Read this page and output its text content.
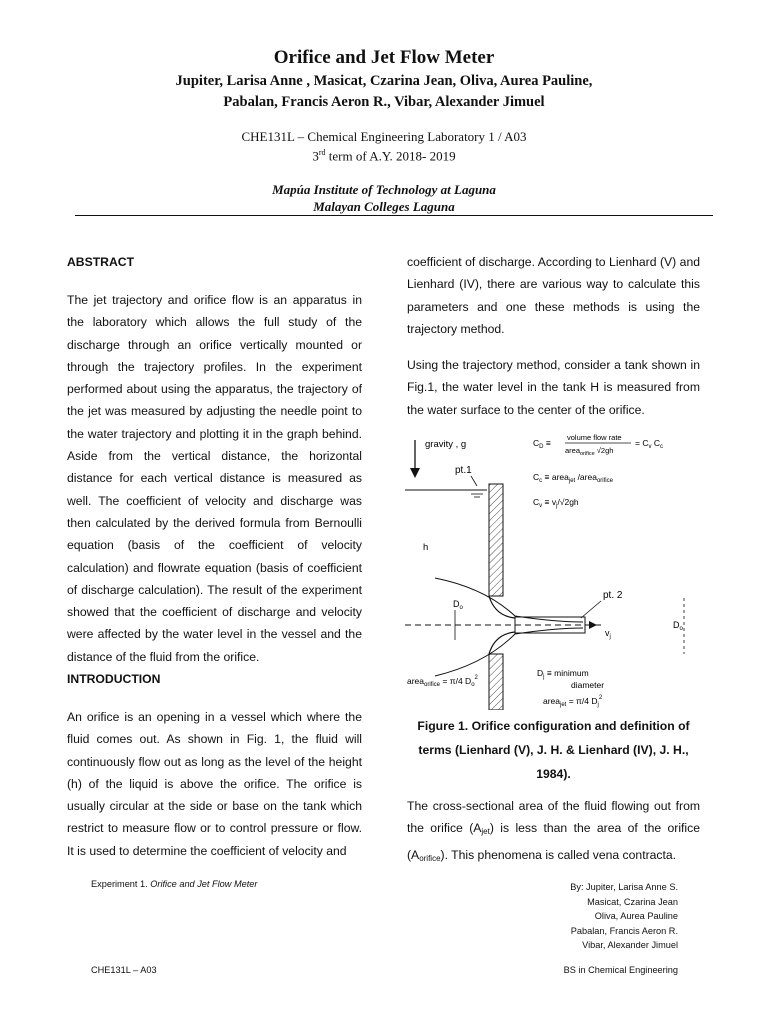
Orifice and Jet Flow Meter
Jupiter, Larisa Anne , Masicat, Czarina Jean, Oliva, Aurea Pauline,
Pabalan, Francis Aeron R., Vibar, Alexander Jimuel
CHE131L – Chemical Engineering Laboratory 1 / A03
3rd term of A.Y. 2018- 2019
Mapúa Institute of Technology at Laguna
Malayan Colleges Laguna
ABSTRACT
The jet trajectory and orifice flow is an apparatus in the laboratory which allows the full study of the discharge through an orifice vertically mounted or through the trajectory profiles. In the experiment performed about using the apparatus, the trajectory of the jet was measured by adjusting the needle point to the water trajectory and plotting it in the graph behind. Aside from the vertical distance, the horizontal distance for each vertical distance is measured as well. The coefficient of velocity and discharge was then calculated by the derived formula from Bernoulli equation (basis of the coefficient of velocity calculation) and flowrate equation (basis of coefficient of discharge calculation). The result of the experiment showed that the coefficient of discharge and velocity were affected by the water level in the vessel and the distance of the fluid from the orifice.
INTRODUCTION
An orifice is an opening in a vessel which where the fluid comes out. As shown in Fig. 1, the fluid will continuously flow out as long as the level of the height (h) of the liquid is above the orifice. The orifice is usually circular at the side or base on the tank which restrict to measure flow or to control pressure or flow. It is used to determine the coefficient of velocity and
coefficient of discharge. According to Lienhard (V) and Lienhard (IV), there are various way to calculate this parameters and one these methods is using the trajectory method.
Using the trajectory method, consider a tank shown in Fig.1, the water level in the tank H is measured from the water surface to the center of the orifice.
gravity , g
pt.1
h
$v_j$
$D_o$
pt. 2
$D_o$
$C_D$ ≡
volume flow rate
area$_{orifice}$ √2gh
= $C_v$ $C_c$
$C_c$ ≡ area$_{jet}$ /area$_{orifice}$
$C_v \equiv v_j/√2gh$
area$_{orifice}$ = π/4 $D_o^2$	$D_j$ ≡ minimum
diameter
area$_{jet}$ = π/4 $D_j^2$
Figure 1. Orifice configuration and definition of terms (Lienhard (V), J. H. & Lienhard (IV), J. H., 1984).
The cross-sectional area of the fluid flowing out from the orifice $(A_{jet})$ is less than the area of the orifice $(A_{orifice})$. This phenomena is called vena contracta.
Experiment 1. Orifice and Jet Flow Meter	By: Jupiter, Larisa Anne S.
Masicat, Czarina Jean
Oliva, Aurea Pauline
Pabalan, Francis Aeron R.
Vibar, Alexander Jimuel
CHE131L – A03	BS in Chemical Engineering
